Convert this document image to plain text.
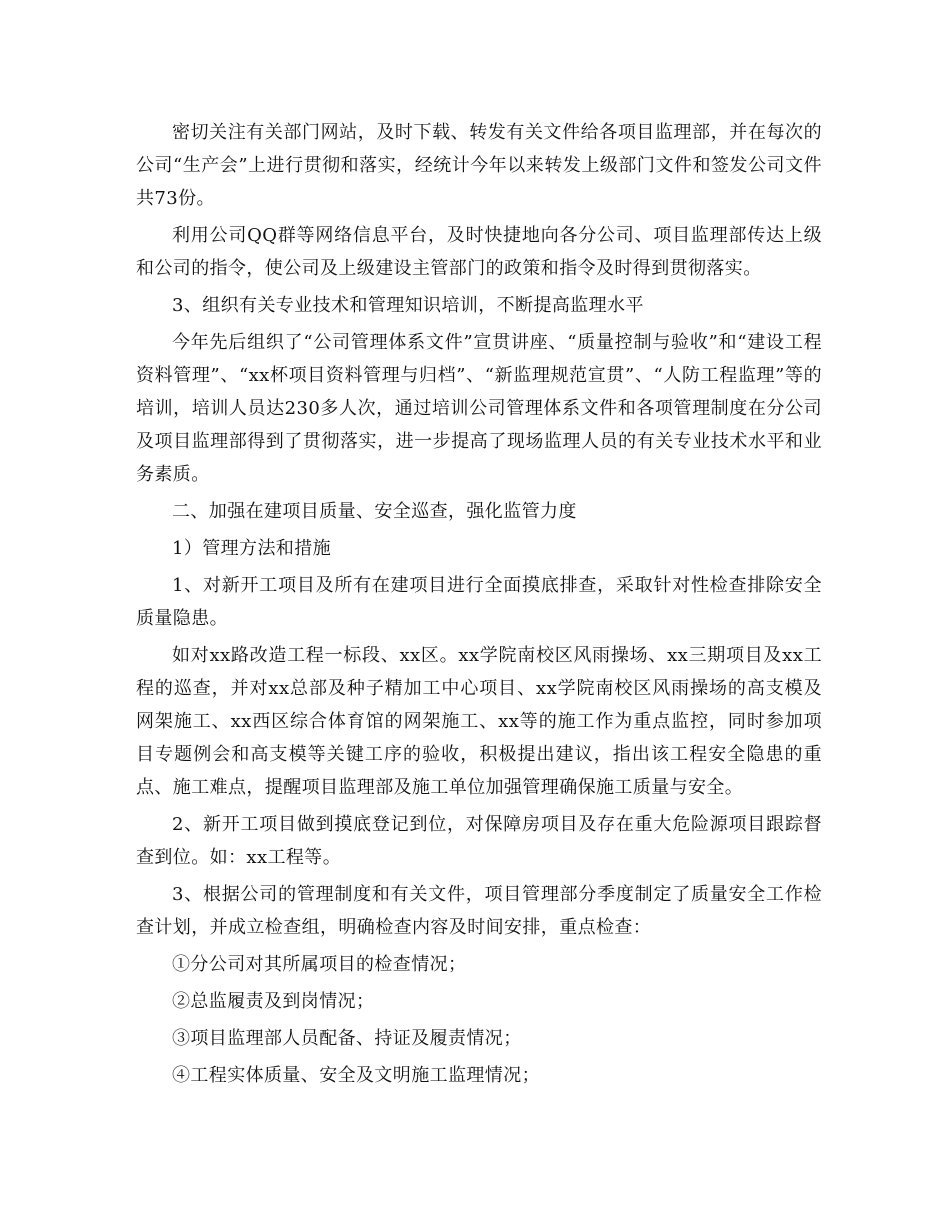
密切关注有关部门网站，及时下载、转发有关文件给各项目监理部，并在每次的公司“生产会”上进行贯彻和落实，经统计今年以来转发上级部门文件和签发公司文件共73份。

利用公司QQ群等网络信息平台，及时快捷地向各分公司、项目监理部传达上级和公司的指令，使公司及上级建设主管部门的政策和指令及时得到贯彻落实。

3、组织有关专业技术和管理知识培训，不断提高监理水平

今年先后组织了“公司管理体系文件”宣贯讲座、“质量控制与验收”和“建设工程资料管理”、“xx杯项目资料管理与归档”、“新监理规范宣贯”、“人防工程监理”等的培训，培训人员达230多人次，通过培训公司管理体系文件和各项管理制度在分公司及项目监理部得到了贯彻落实，进一步提高了现场监理人员的有关专业技术水平和业务素质。

二、加强在建项目质量、安全巡查，强化监管力度

1）管理方法和措施

1、对新开工项目及所有在建项目进行全面摸底排查，采取针对性检查排除安全质量隐患。

如对xx路改造工程一标段、xx区。xx学院南校区风雨操场、xx三期项目及xx工程的巡查，并对xx总部及种子精加工中心项目、xx学院南校区风雨操场的高支模及网架施工、xx西区综合体育馆的网架施工、xx等的施工作为重点监控，同时参加项目专题例会和高支模等关键工序的验收，积极提出建议，指出该工程安全隐患的重点、施工难点，提醒项目监理部及施工单位加强管理确保施工质量与安全。

2、新开工项目做到摸底登记到位，对保障房项目及存在重大危险源项目跟踪督查到位。如：xx工程等。

3、根据公司的管理制度和有关文件，项目管理部分季度制定了质量安全工作检查计划，并成立检查组，明确检查内容及时间安排，重点检查：

①分公司对其所属项目的检查情况；

②总监履责及到岗情况；

③项目监理部人员配备、持证及履责情况；

④工程实体质量、安全及文明施工监理情况；
